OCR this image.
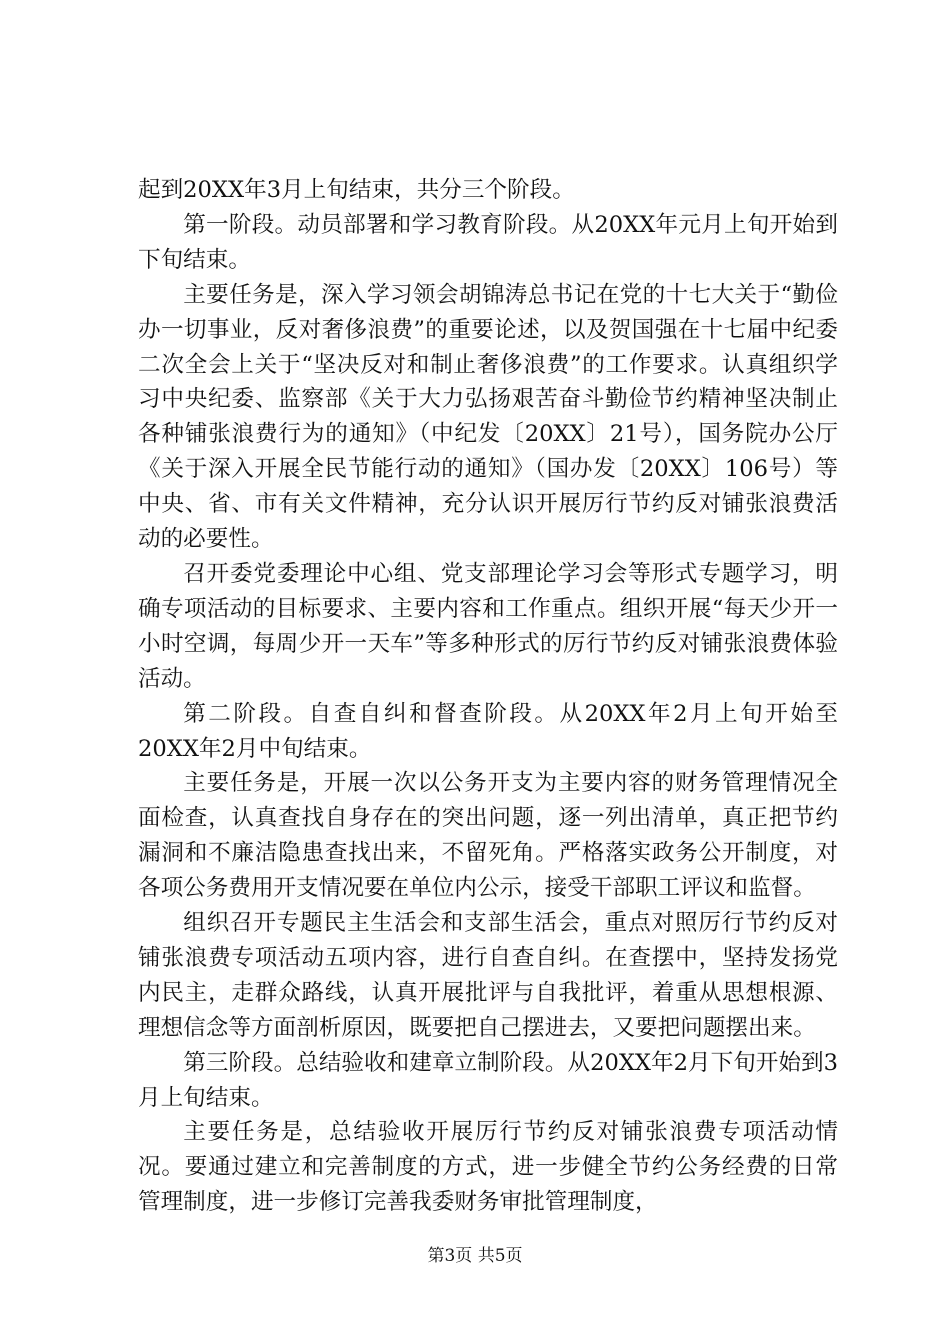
起到20XX年3月上旬结束，共分三个阶段。

第一阶段。动员部署和学习教育阶段。从20XX年元月上旬开始到下旬结束。

主要任务是，深入学习领会胡锦涛总书记在党的十七大关于“勤俭办一切事业，反对奢侈浪费”的重要论述，以及贺国强在十七届中纪委二次全会上关于“坚决反对和制止奢侈浪费”的工作要求。认真组织学习中央纪委、监察部《关于大力弘扬艰苦奋斗勤俭节约精神坚决制止各种铺张浪费行为的通知》（中纪发〔20XX〕21号），国务院办公厅《关于深入开展全民节能行动的通知》（国办发〔20XX〕106号）等中央、省、市有关文件精神，充分认识开展厉行节约反对铺张浪费活动的必要性。

召开委党委理论中心组、党支部理论学习会等形式专题学习，明确专项活动的目标要求、主要内容和工作重点。组织开展“每天少开一小时空调，每周少开一天车”等多种形式的厉行节约反对铺张浪费体验活动。

第二阶段。自查自纠和督查阶段。从20XX年2月上旬开始至20XX年2月中旬结束。

主要任务是，开展一次以公务开支为主要内容的财务管理情况全面检查，认真查找自身存在的突出问题，逐一列出清单，真正把节约漏洞和不廉洁隐患查找出来，不留死角。严格落实政务公开制度，对各项公务费用开支情况要在单位内公示，接受干部职工评议和监督。

组织召开专题民主生活会和支部生活会，重点对照厉行节约反对铺张浪费专项活动五项内容，进行自查自纠。在查摆中，坚持发扬党内民主，走群众路线，认真开展批评与自我批评，着重从思想根源、理想信念等方面剖析原因，既要把自己摆进去，又要把问题摆出来。

第三阶段。总结验收和建章立制阶段。从20XX年2月下旬开始到3月上旬结束。

主要任务是，总结验收开展厉行节约反对铺张浪费专项活动情况。要通过建立和完善制度的方式，进一步健全节约公务经费的日常管理制度，进一步修订完善我委财务审批管理制度，

第3页 共5页
